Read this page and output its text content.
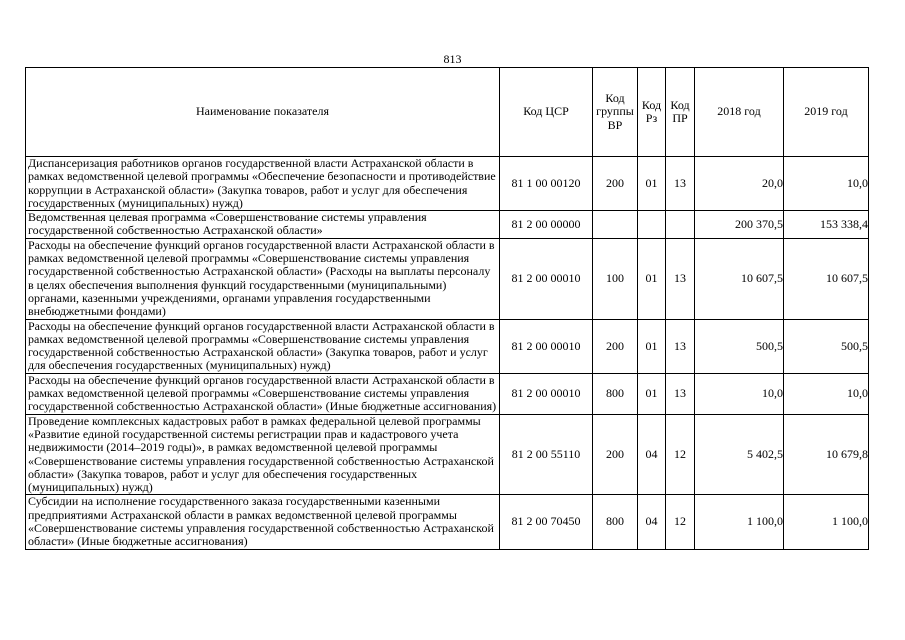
813
Наименование показателя	Код ЦСР	Код группы ВР	Код Рз	Код ПР	2018 год	2019 год
Диспансеризация работников органов государственной власти Астраханской области в рамках ведомственной целевой программы «Обеспечение безопасности и противодействие коррупции в Астраханской области» (Закупка товаров, работ и услуг для обеспечения государственных (муниципальных) нужд)	81 1 00 00120	200	01	13	20,0	10,0
Ведомственная целевая программа «Совершенствование системы управления государственной собственностью Астраханской области»	81 2 00 00000				200 370,5	153 338,4
Расходы на обеспечение функций органов государственной власти Астраханской области в рамках ведомственной целевой программы «Совершенствование системы управления государственной собственностью Астраханской области» (Расходы на выплаты персоналу в целях обеспечения выполнения функций государственными (муниципальными) органами, казенными учреждениями, органами управления государственными внебюджетными фондами)	81 2 00 00010	100	01	13	10 607,5	10 607,5
Расходы на обеспечение функций органов государственной власти Астраханской области в рамках ведомственной целевой программы «Совершенствование системы управления государственной собственностью Астраханской области» (Закупка товаров, работ и услуг для обеспечения государственных (муниципальных) нужд)	81 2 00 00010	200	01	13	500,5	500,5
Расходы на обеспечение функций органов государственной власти Астраханской области в рамках ведомственной целевой программы «Совершенствование системы управления государственной собственностью Астраханской области» (Иные бюджетные ассигнования)	81 2 00 00010	800	01	13	10,0	10,0
Проведение комплексных кадастровых работ в рамках федеральной целевой программы «Развитие единой государственной системы регистрации прав и кадастрового учета недвижимости (2014–2019 годы)», в рамках ведомственной целевой программы «Совершенствование системы управления государственной собственностью Астраханской области» (Закупка товаров, работ и услуг для обеспечения государственных (муниципальных) нужд)	81 2 00 55110	200	04	12	5 402,5	10 679,8
Субсидии на исполнение государственного заказа государственными казенными предприятиями Астраханской области в рамках ведомственной целевой программы «Совершенствование системы управления государственной собственностью Астраханской области» (Иные бюджетные ассигнования)	81 2 00 70450	800	04	12	1 100,0	1 100,0
